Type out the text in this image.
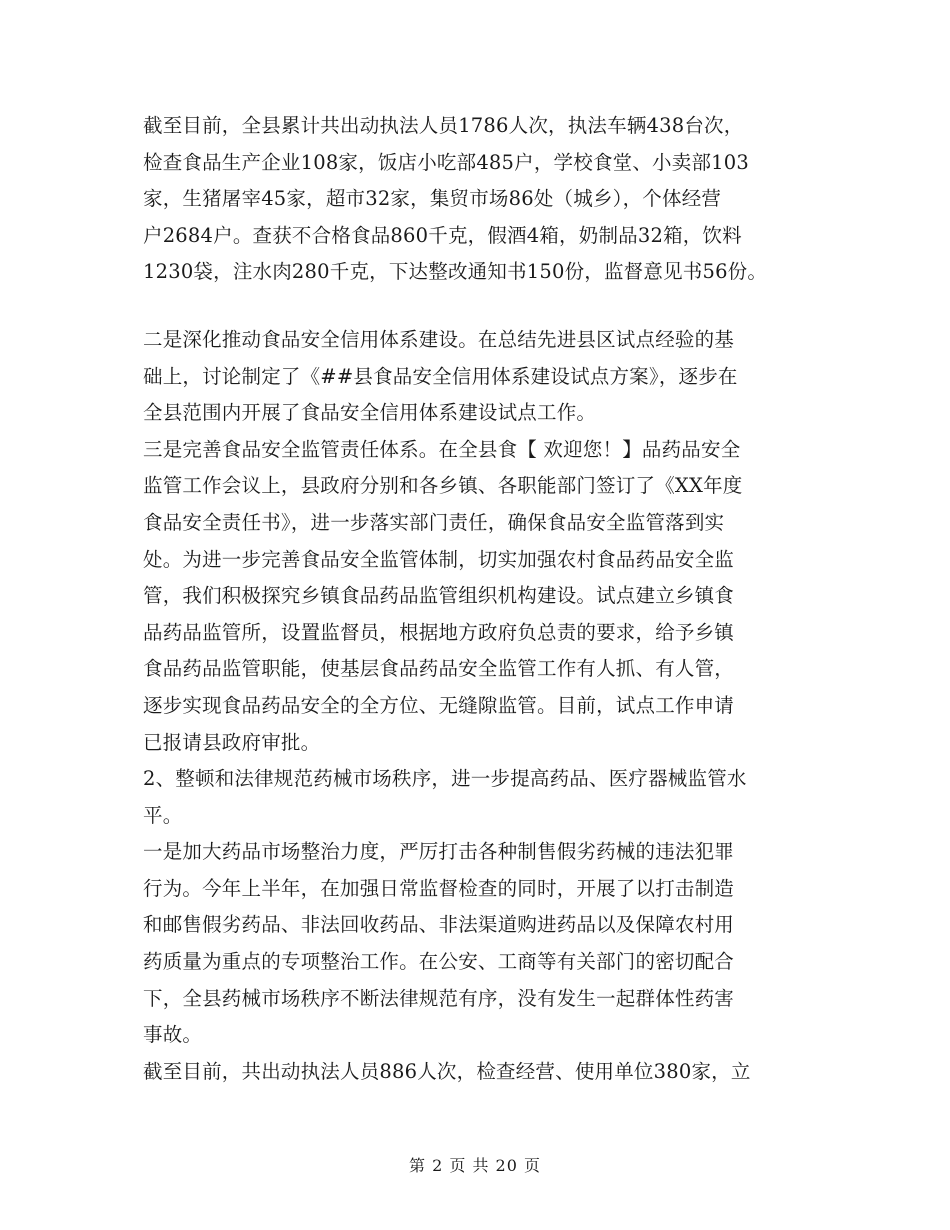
截至目前，全县累计共出动执法人员1786人次，执法车辆438台次，
检查食品生产企业108家，饭店小吃部485户，学校食堂、小卖部103
家，生猪屠宰45家，超市32家，集贸市场86处（城乡），个体经营
户2684户。查获不合格食品860千克，假酒4箱，奶制品32箱，饮料
1230袋，注水肉280千克，下达整改通知书150份，监督意见书56份。
二是深化推动食品安全信用体系建设。在总结先进县区试点经验的基
础上，讨论制定了《##县食品安全信用体系建设试点方案》，逐步在
全县范围内开展了食品安全信用体系建设试点工作。
三是完善食品安全监管责任体系。在全县食【 欢迎您！】品药品安全
监管工作会议上，县政府分别和各乡镇、各职能部门签订了《XX年度
食品安全责任书》，进一步落实部门责任，确保食品安全监管落到实
处。为进一步完善食品安全监管体制，切实加强农村食品药品安全监
管，我们积极探究乡镇食品药品监管组织机构建设。试点建立乡镇食
品药品监管所，设置监督员，根据地方政府负总责的要求，给予乡镇
食品药品监管职能，使基层食品药品安全监管工作有人抓、有人管，
逐步实现食品药品安全的全方位、无缝隙监管。目前，试点工作申请
已报请县政府审批。
2、整顿和法律规范药械市场秩序，进一步提高药品、医疗器械监管水
平。
一是加大药品市场整治力度，严厉打击各种制售假劣药械的违法犯罪
行为。今年上半年，在加强日常监督检查的同时，开展了以打击制造
和邮售假劣药品、非法回收药品、非法渠道购进药品以及保障农村用
药质量为重点的专项整治工作。在公安、工商等有关部门的密切配合
下，全县药械市场秩序不断法律规范有序，没有发生一起群体性药害
事故。
截至目前，共出动执法人员886人次，检查经营、使用单位380家，立
第 2 页 共 20 页
